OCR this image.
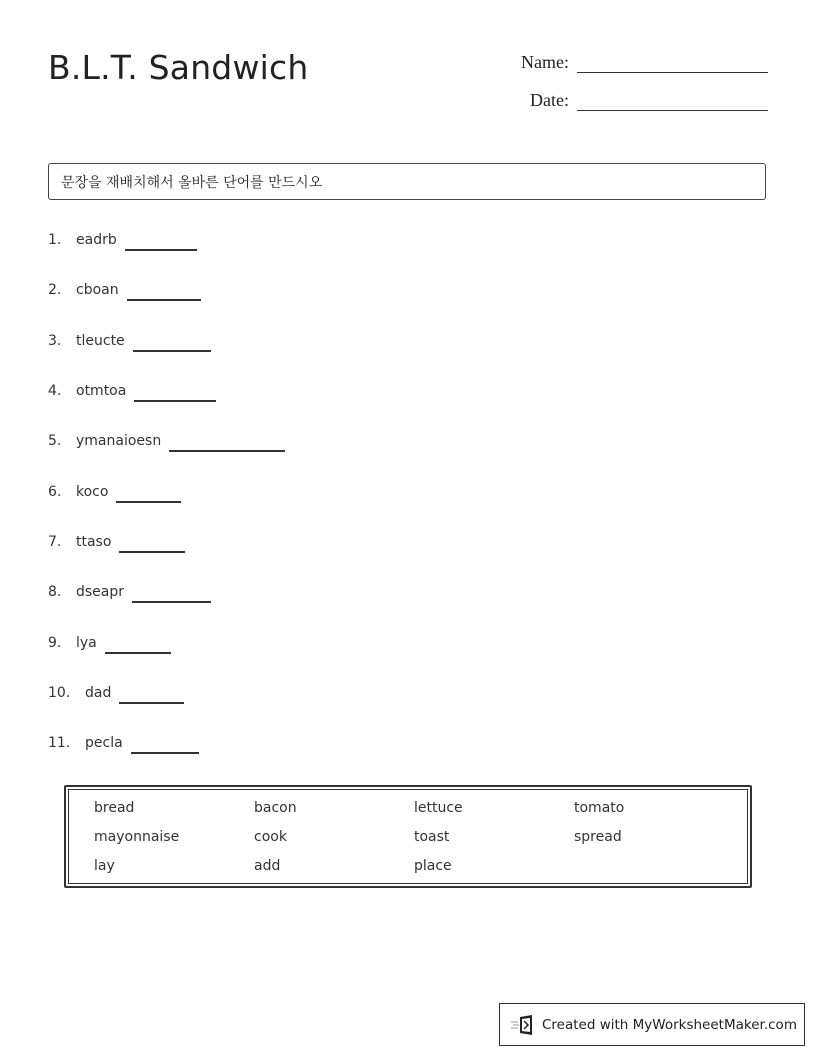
B.L.T. Sandwich	Name:
Date:
문장을 재배치해서 올바른 단어를 만드시오
1.	eadrb
2.	cboan
3.	tleucte
4.	otmtoa
5.	ymanaioesn
6.	koco
7.	ttaso
8.	dseapr
9.	lya
10.	dad
11.	pecla
bread	bacon	lettuce	tomato
mayonnaise	cook	toast	spread
lay	add	place
Created with MyWorksheetMaker.com
